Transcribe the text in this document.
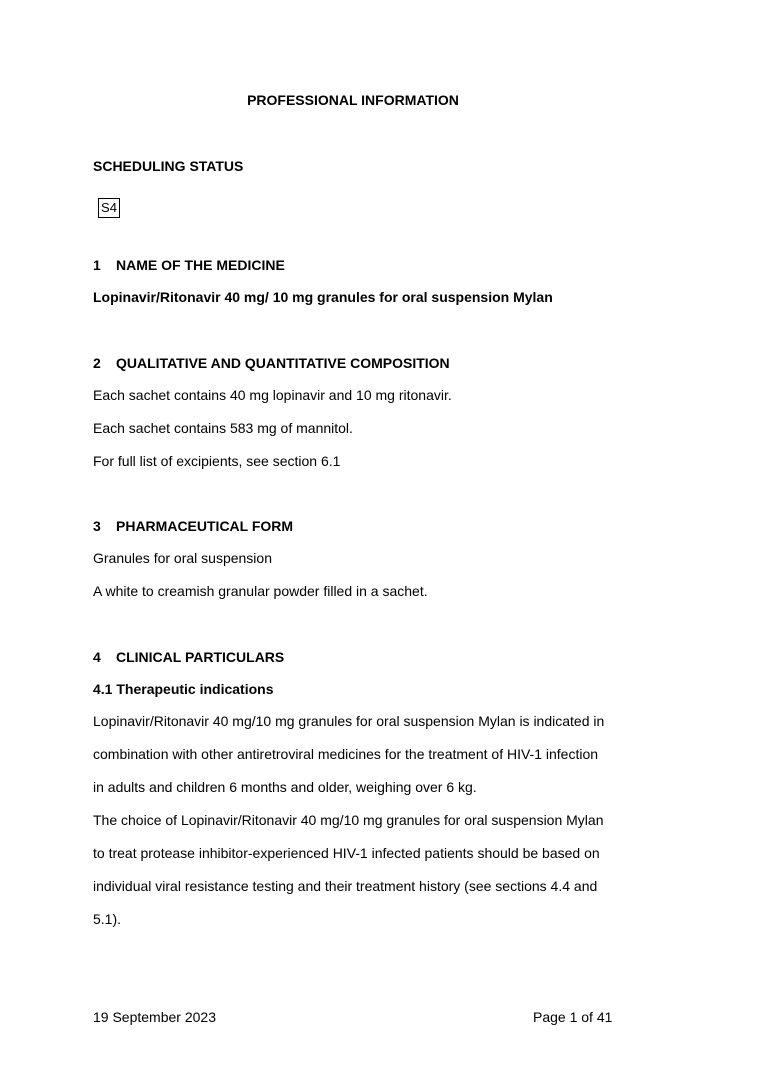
PROFESSIONAL INFORMATION
SCHEDULING STATUS
S4
1 NAME OF THE MEDICINE
Lopinavir/Ritonavir 40 mg/ 10 mg granules for oral suspension Mylan
2 QUALITATIVE AND QUANTITATIVE COMPOSITION
Each sachet contains 40 mg lopinavir and 10 mg ritonavir.
Each sachet contains 583 mg of mannitol.
For full list of excipients, see section 6.1
3 PHARMACEUTICAL FORM
Granules for oral suspension
A white to creamish granular powder filled in a sachet.
4 CLINICAL PARTICULARS
4.1 Therapeutic indications
Lopinavir/Ritonavir 40 mg/10 mg granules for oral suspension Mylan is indicated in
combination with other antiretroviral medicines for the treatment of HIV-1 infection
in adults and children 6 months and older, weighing over 6 kg.
The choice of Lopinavir/Ritonavir 40 mg/10 mg granules for oral suspension Mylan
to treat protease inhibitor-experienced HIV-1 infected patients should be based on
individual viral resistance testing and their treatment history (see sections 4.4 and
5.1).
19 September 2023	Page 1 of 41
